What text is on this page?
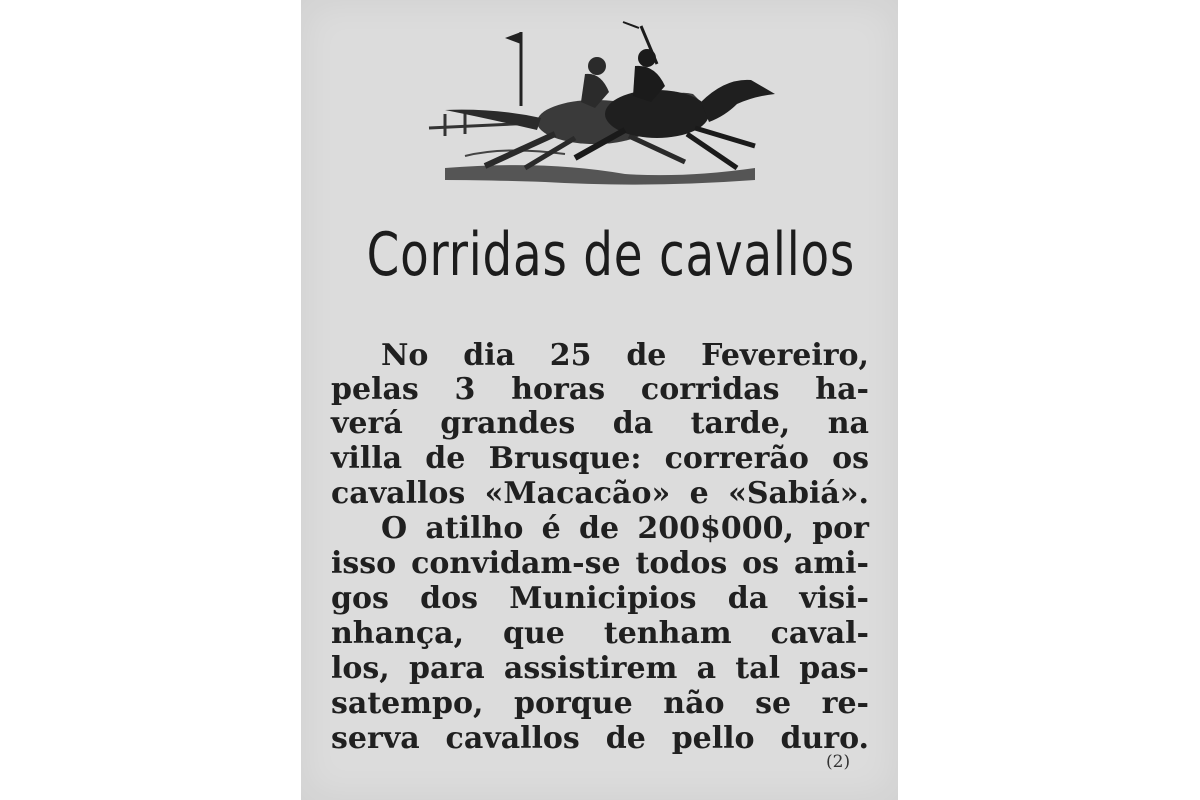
Corridas de cavallos
No dia 25 de Fevereiro,
pelas 3 horas corridas ha-
verá grandes da tarde, na
villa de Brusque: correrão os
cavallos «Macacão» e «Sabiá».
O atilho é de 200$000, por
isso convidam-se todos os ami-
gos dos Municipios da visi-
nhança, que tenham caval-
los, para assistirem a tal pas-
satempo, porque não se re-
serva cavallos de pello duro.
(2)
